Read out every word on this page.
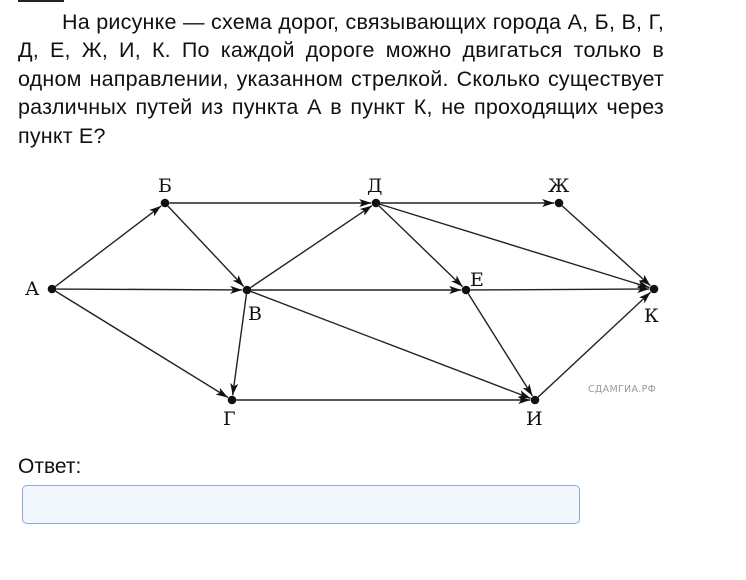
На рисунке — схема дорог, связывающих города А, Б, В, Г, Д, Е, Ж, И, К. По каждой дороге можно двигаться только в одном направлении, указанном стрелкой. Сколько существует различных путей из пункта А в пункт К, не проходящих через пункт Е?
А
Б
В
Г
Д
Е
Ж
И
К
СДАМГИА.РФ
Ответ:
